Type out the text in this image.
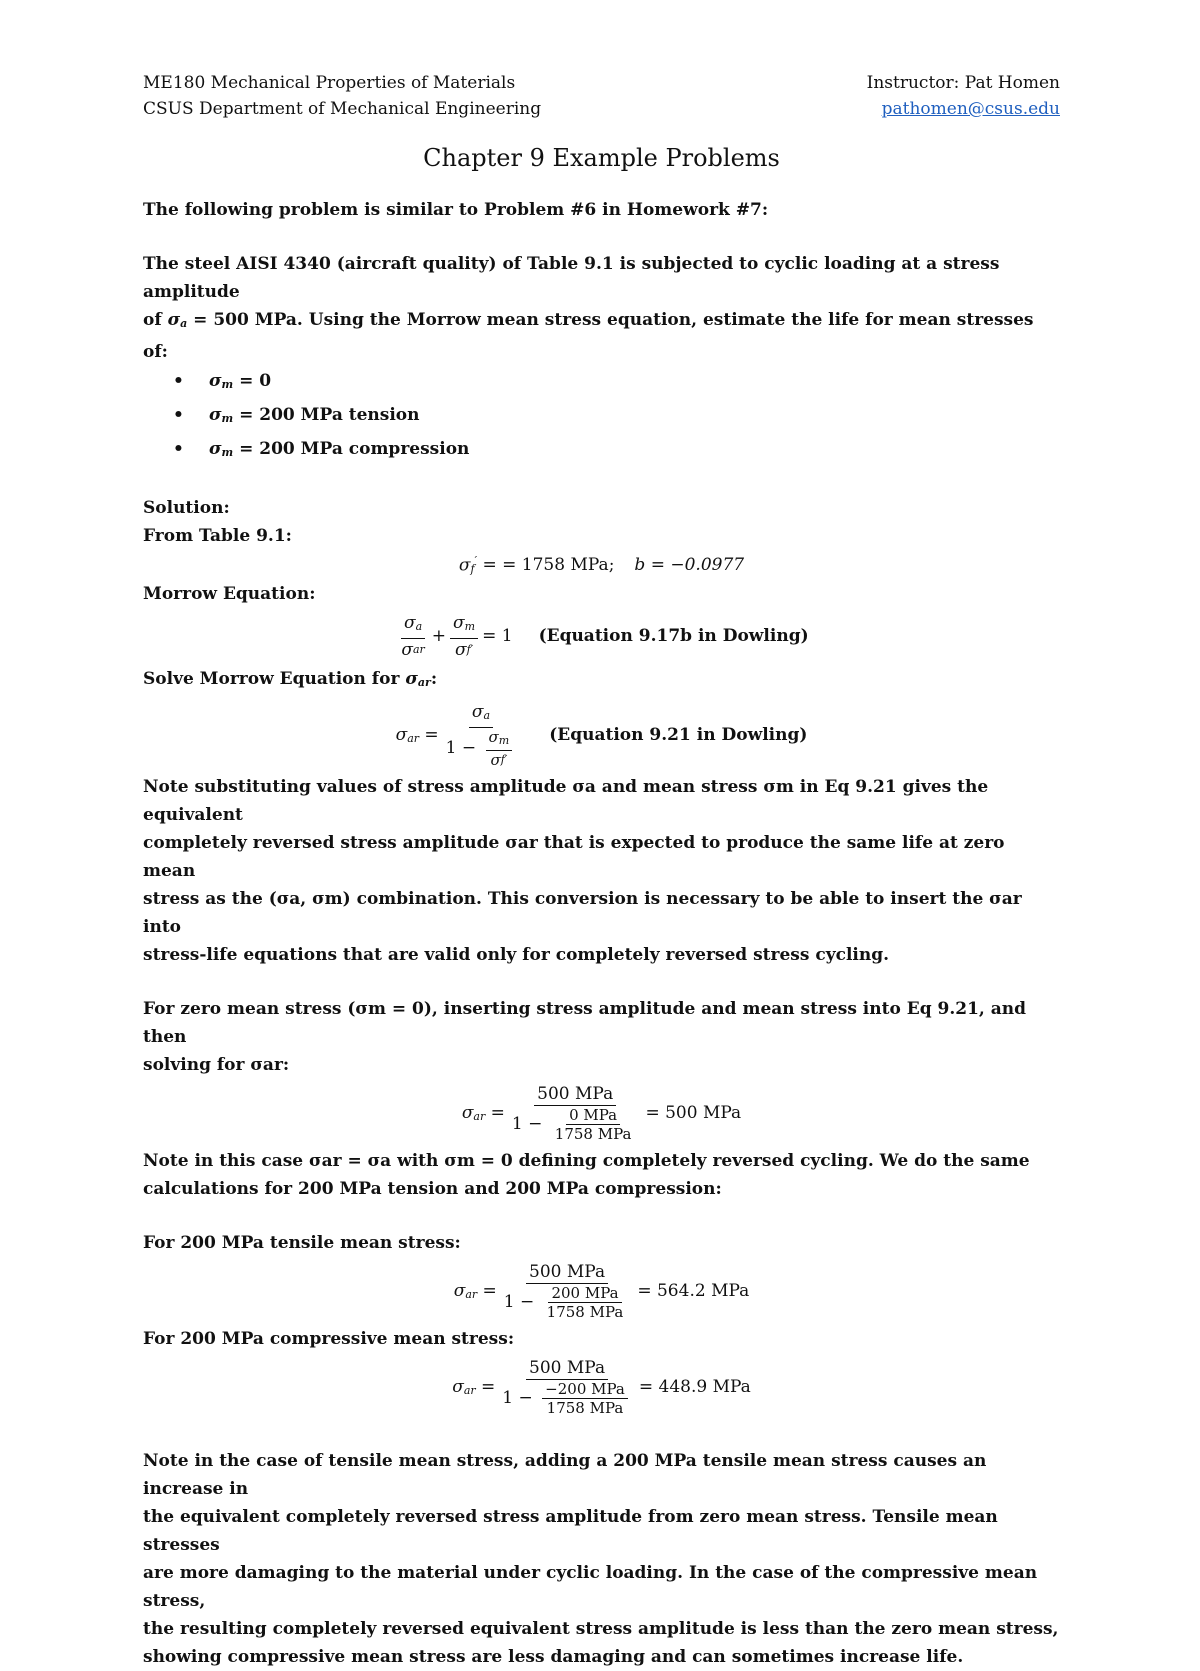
ME180 Mechanical Properties of Materials
CSUS Department of Mechanical Engineering
Instructor: Pat Homen
pathomen@csus.edu
Chapter 9 Example Problems

The following problem is similar to Problem #6 in Homework #7:

The steel AISI 4340 (aircraft quality) of Table 9.1 is subjected to cyclic loading at a stress amplitude

of $\sigma_a = 500$ MPa. Using the Morrow mean stress equation, estimate the life for mean stresses of:

• $\sigma_m = 0$
• $\sigma_m = 200$ MPa tension
• $\sigma_m = 200$ MPa compression

Solution:

From Table 9.1:

$\sigma_f'$ = = 1758 MPa; b = −0.0977

Morrow Equation:

$\frac{\sigma_a}{\text{σ ar}} + \frac{\sigma_m}{\text{σ f ′}} = 1$ (Equation 9.17b in Dowling)

Solve Morrow Equation for $\sigma_{ar}$:

$\sigma_{ar} = \frac{\sigma_a}{1 - \frac{\sigma_m}{\text{σ f ′}}}$ (Equation 9.21 in Dowling)

Note substituting values of stress amplitude σa and mean stress σm in Eq 9.21 gives the equivalent

completely reversed stress amplitude σar that is expected to produce the same life at zero mean

stress as the (σa, σm) combination. This conversion is necessary to be able to insert the σar into

stress-life equations that are valid only for completely reversed stress cycling.

For zero mean stress (σm = 0), inserting stress amplitude and mean stress into Eq 9.21, and then

solving for σar:

$\sigma_{ar} = \frac{\text{500 MPa}}{1 - \frac{\text{0 MPa}}{\text{1758 MPa}}} = 500$ MPa

Note in this case σar = σa with σm = 0 defining completely reversed cycling. We do the same

calculations for 200 MPa tension and 200 MPa compression:

For 200 MPa tensile mean stress:

$\sigma_{ar} = \frac{\text{500 MPa}}{1 - \frac{\text{200 MPa}}{\text{1758 MPa}}} = 564.2$ MPa

For 200 MPa compressive mean stress:

$\sigma_{ar} = \frac{\text{500 MPa}}{1 - \frac{\text{−200 MPa}}{\text{1758 MPa}}} = 448.9$ MPa

Note in the case of tensile mean stress, adding a 200 MPa tensile mean stress causes an increase in

the equivalent completely reversed stress amplitude from zero mean stress. Tensile mean stresses

are more damaging to the material under cyclic loading. In the case of the compressive mean stress,

the resulting completely reversed equivalent stress amplitude is less than the zero mean stress,

showing compressive mean stress are less damaging and can sometimes increase life.
